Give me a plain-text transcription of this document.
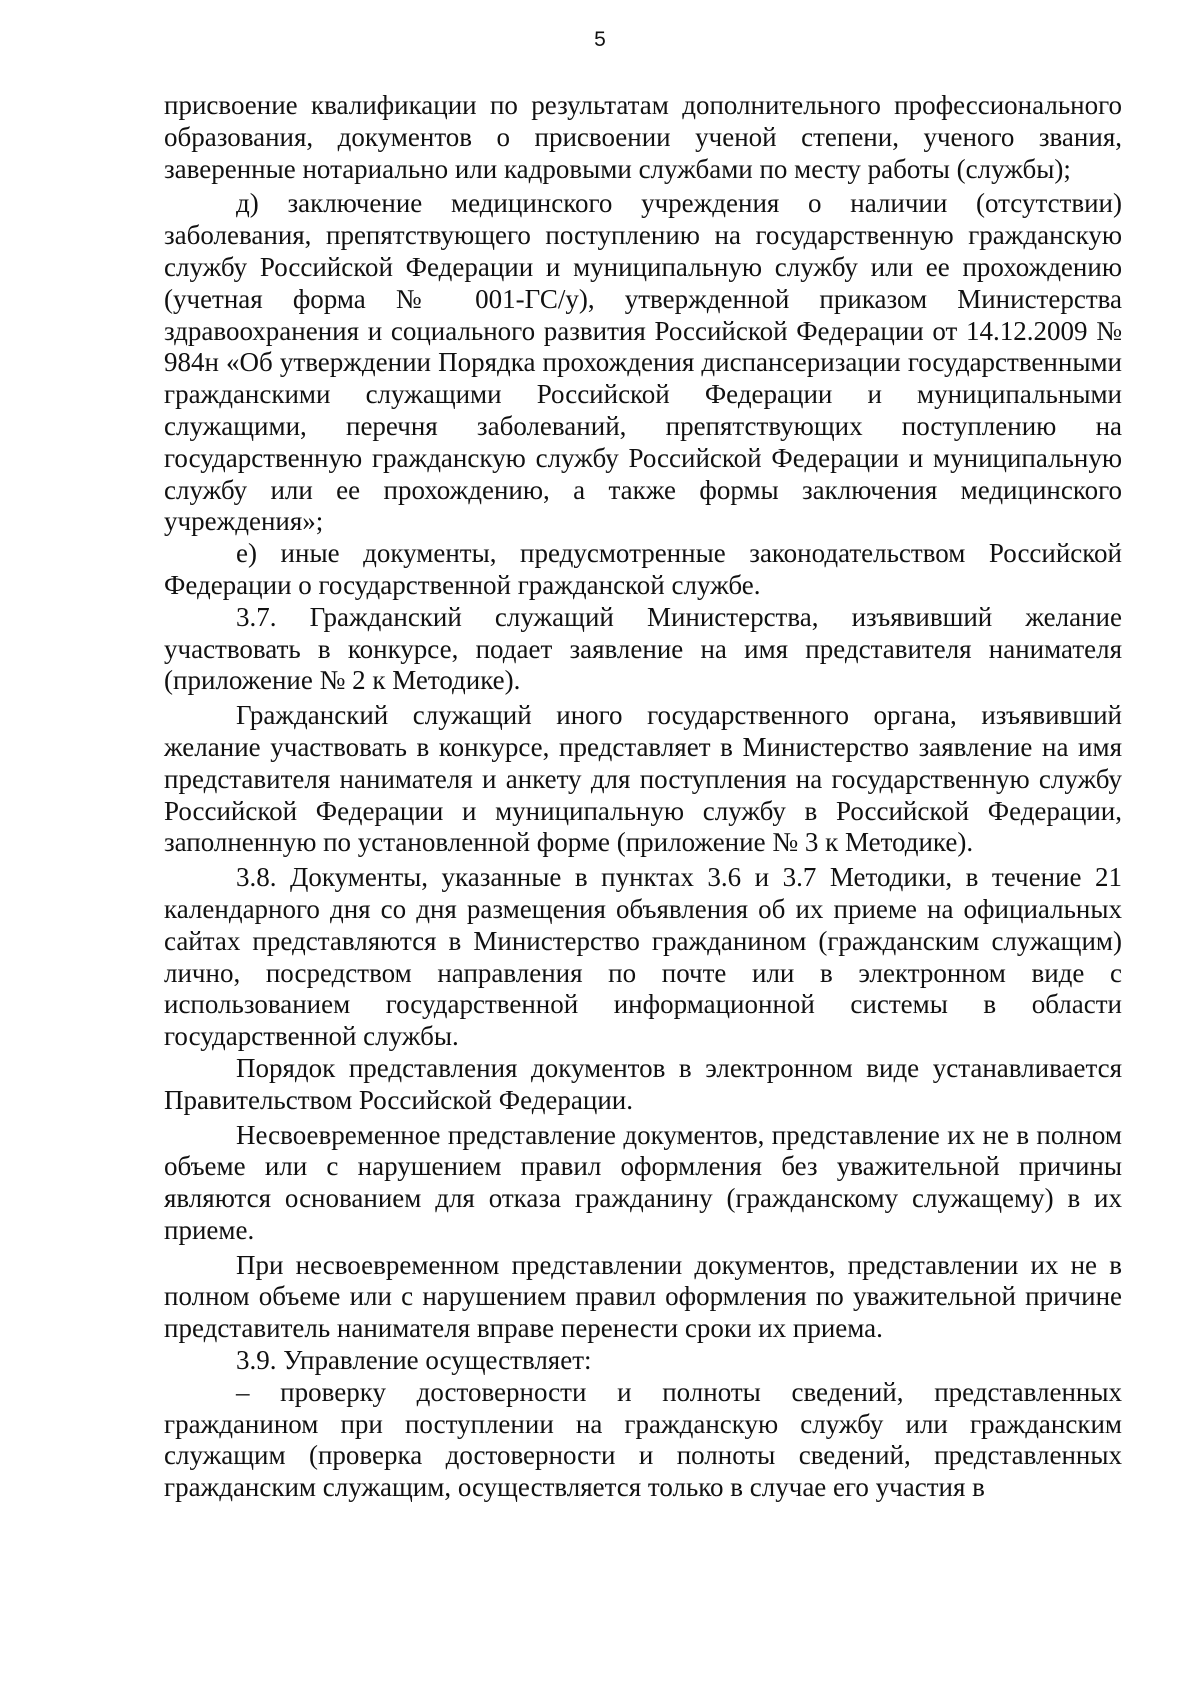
5

присвоение квалификации по результатам дополнительного профессионального образования, документов о присвоении ученой степени, ученого звания, заверенные нотариально или кадровыми службами по месту работы (службы);

д) заключение медицинского учреждения о наличии (отсутствии) заболевания, препятствующего поступлению на государственную гражданскую службу Российской Федерации и муниципальную службу или ее прохождению (учетная форма № 001-ГС/у), утвержденной приказом Министерства здравоохранения и социального развития Российской Федерации от 14.12.2009 № 984н «Об утверждении Порядка прохождения диспансеризации государственными гражданскими служащими Российской Федерации и муниципальными служащими, перечня заболеваний, препятствующих поступлению на государственную гражданскую службу Российской Федерации и муниципальную службу или ее прохождению, а также формы заключения медицинского учреждения»;

е) иные документы, предусмотренные законодательством Российской Федерации о государственной гражданской службе.

3.7. Гражданский служащий Министерства, изъявивший желание участвовать в конкурсе, подает заявление на имя представителя нанимателя (приложение № 2 к Методике).

Гражданский служащий иного государственного органа, изъявивший желание участвовать в конкурсе, представляет в Министерство заявление на имя представителя нанимателя и анкету для поступления на государственную службу Российской Федерации и муниципальную службу в Российской Федерации, заполненную по установленной форме (приложение № 3 к Методике).

3.8. Документы, указанные в пунктах 3.6 и 3.7 Методики, в течение 21 календарного дня со дня размещения объявления об их приеме на официальных сайтах представляются в Министерство гражданином (гражданским служащим) лично, посредством направления по почте или в электронном виде с использованием государственной информационной системы в области государственной службы.

Порядок представления документов в электронном виде устанавливается Правительством Российской Федерации.

Несвоевременное представление документов, представление их не в полном объеме или с нарушением правил оформления без уважительной причины являются основанием для отказа гражданину (гражданскому служащему) в их приеме.

При несвоевременном представлении документов, представлении их не в полном объеме или с нарушением правил оформления по уважительной причине представитель нанимателя вправе перенести сроки их приема.

3.9. Управление осуществляет:

– проверку достоверности и полноты сведений, представленных гражданином при поступлении на гражданскую службу или гражданским служащим (проверка достоверности и полноты сведений, представленных гражданским служащим, осуществляется только в случае его участия в
